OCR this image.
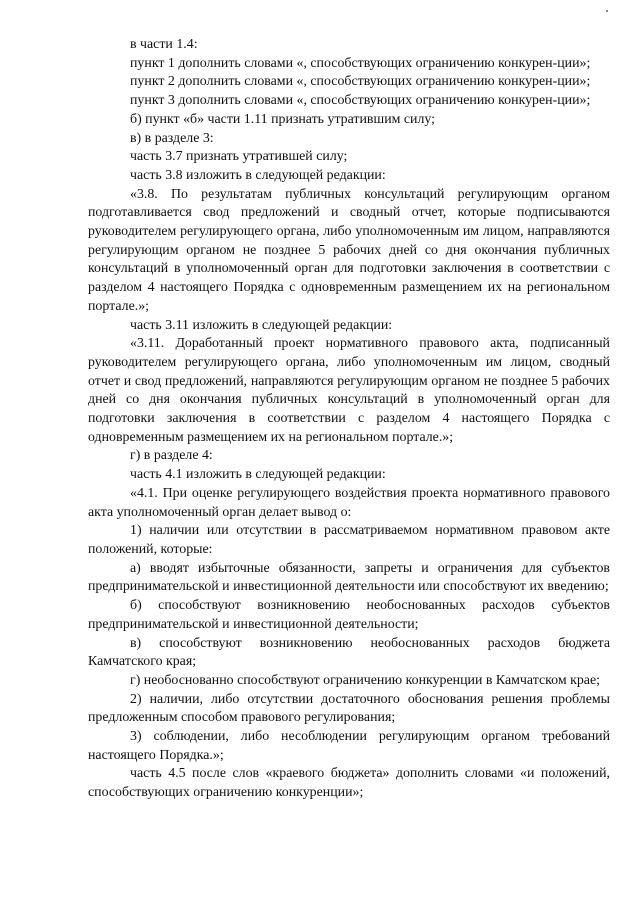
в части 1.4:

пункт 1 дополнить словами «, способствующих ограничению конкурен-ции»;

пункт 2 дополнить словами «, способствующих ограничению конкурен-ции»;

пункт 3 дополнить словами «, способствующих ограничению конкурен-ции»;

б) пункт «б» части 1.11 признать утратившим силу;

в) в разделе 3:

часть 3.7 признать утратившей силу;

часть 3.8 изложить в следующей редакции:

«3.8. По результатам публичных консультаций регулирующим органом подготавливается свод предложений и сводный отчет, которые подписываются руководителем регулирующего органа, либо уполномоченным им лицом, направляются регулирующим органом не позднее 5 рабочих дней со дня окончания публичных консультаций в уполномоченный орган для подготовки заключения в соответствии с разделом 4 настоящего Порядка с одновременным размещением их на региональном портале.»;

часть 3.11 изложить в следующей редакции:

«3.11. Доработанный проект нормативного правового акта, подписанный руководителем регулирующего органа, либо уполномоченным им лицом, сводный отчет и свод предложений, направляются регулирующим органом не позднее 5 рабочих дней со дня окончания публичных консультаций в уполномоченный орган для подготовки заключения в соответствии с разделом 4 настоящего Порядка с одновременным размещением их на региональном портале.»;

г) в разделе 4:

часть 4.1 изложить в следующей редакции:

«4.1. При оценке регулирующего воздействия проекта нормативного правового акта уполномоченный орган делает вывод о:

1) наличии или отсутствии в рассматриваемом нормативном правовом акте положений, которые:

а) вводят избыточные обязанности, запреты и ограничения для субъектов предпринимательской и инвестиционной деятельности или способствуют их введению;

б) способствуют возникновению необоснованных расходов субъектов предпринимательской и инвестиционной деятельности;

в) способствуют возникновению необоснованных расходов бюджета Камчатского края;

г) необоснованно способствуют ограничению конкуренции в Камчатском крае;

2) наличии, либо отсутствии достаточного обоснования решения проблемы предложенным способом правового регулирования;

3) соблюдении, либо несоблюдении регулирующим органом требований настоящего Порядка.»;

часть 4.5 после слов «краевого бюджета» дополнить словами «и положений, способствующих ограничению конкуренции»;
